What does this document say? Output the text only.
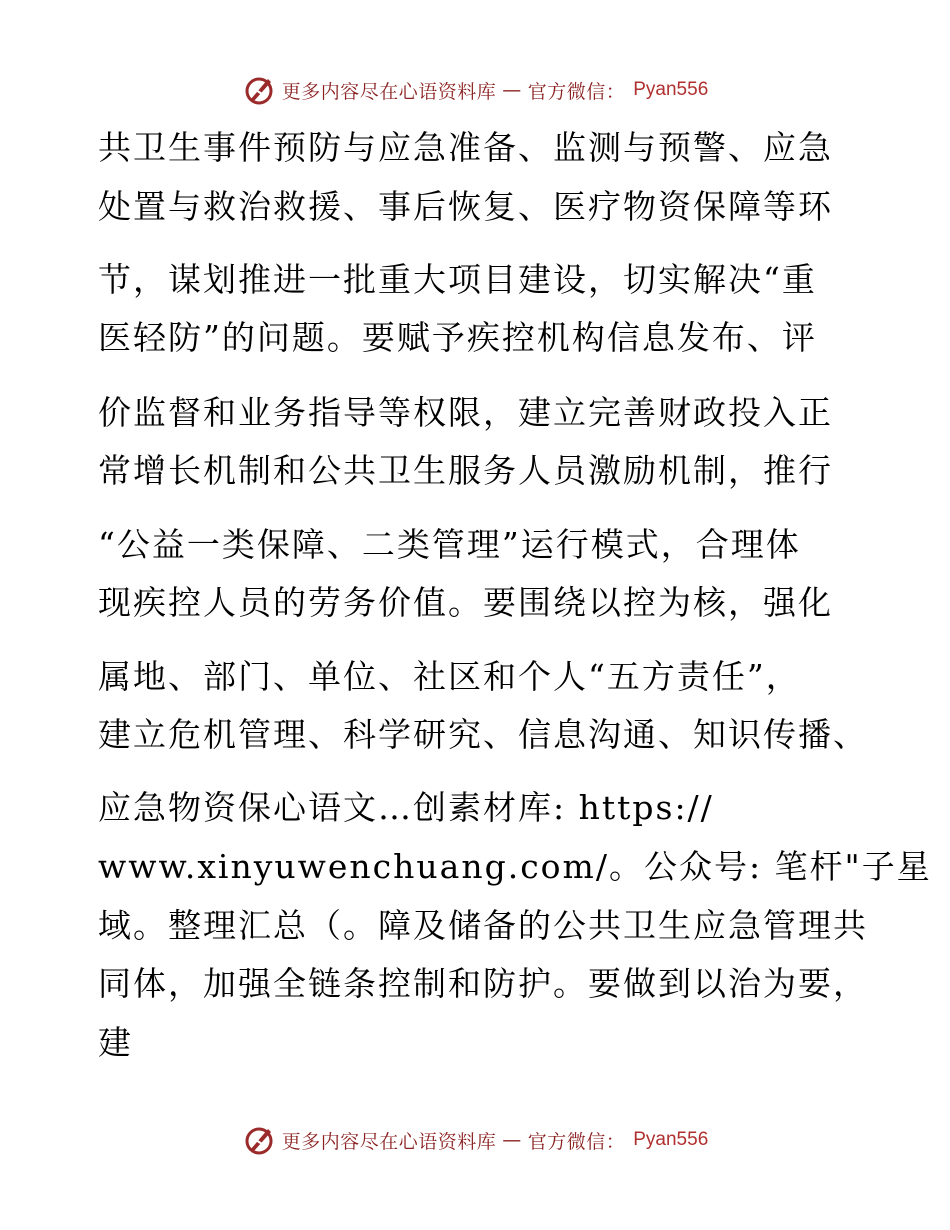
更多内容尽在心语资料库 — 官方微信： Pyan556
共卫生事件预防与应急准备、监测与预警、应急
处置与救治救援、事后恢复、医疗物资保障等环
节，谋划推进一批重大项目建设，切实解决“重
医轻防”的问题。要赋予疾控机构信息发布、评
价监督和业务指导等权限，建立完善财政投入正
常增长机制和公共卫生服务人员激励机制，推行
“公益一类保障、二类管理”运行模式，合理体
现疾控人员的劳务价值。要围绕以控为核，强化
属地、部门、单位、社区和个人“五方责任”，
建立危机管理、科学研究、信息沟通、知识传播、
应急物资保心语文…创素材库: https://
www.xinyuwenchuang.com/。公众号: 笔杆"子星
域。整理汇总（。障及储备的公共卫生应急管理共
同体，加强全链条控制和防护。要做到以治为要，
建
更多内容尽在心语资料库 — 官方微信： Pyan556
